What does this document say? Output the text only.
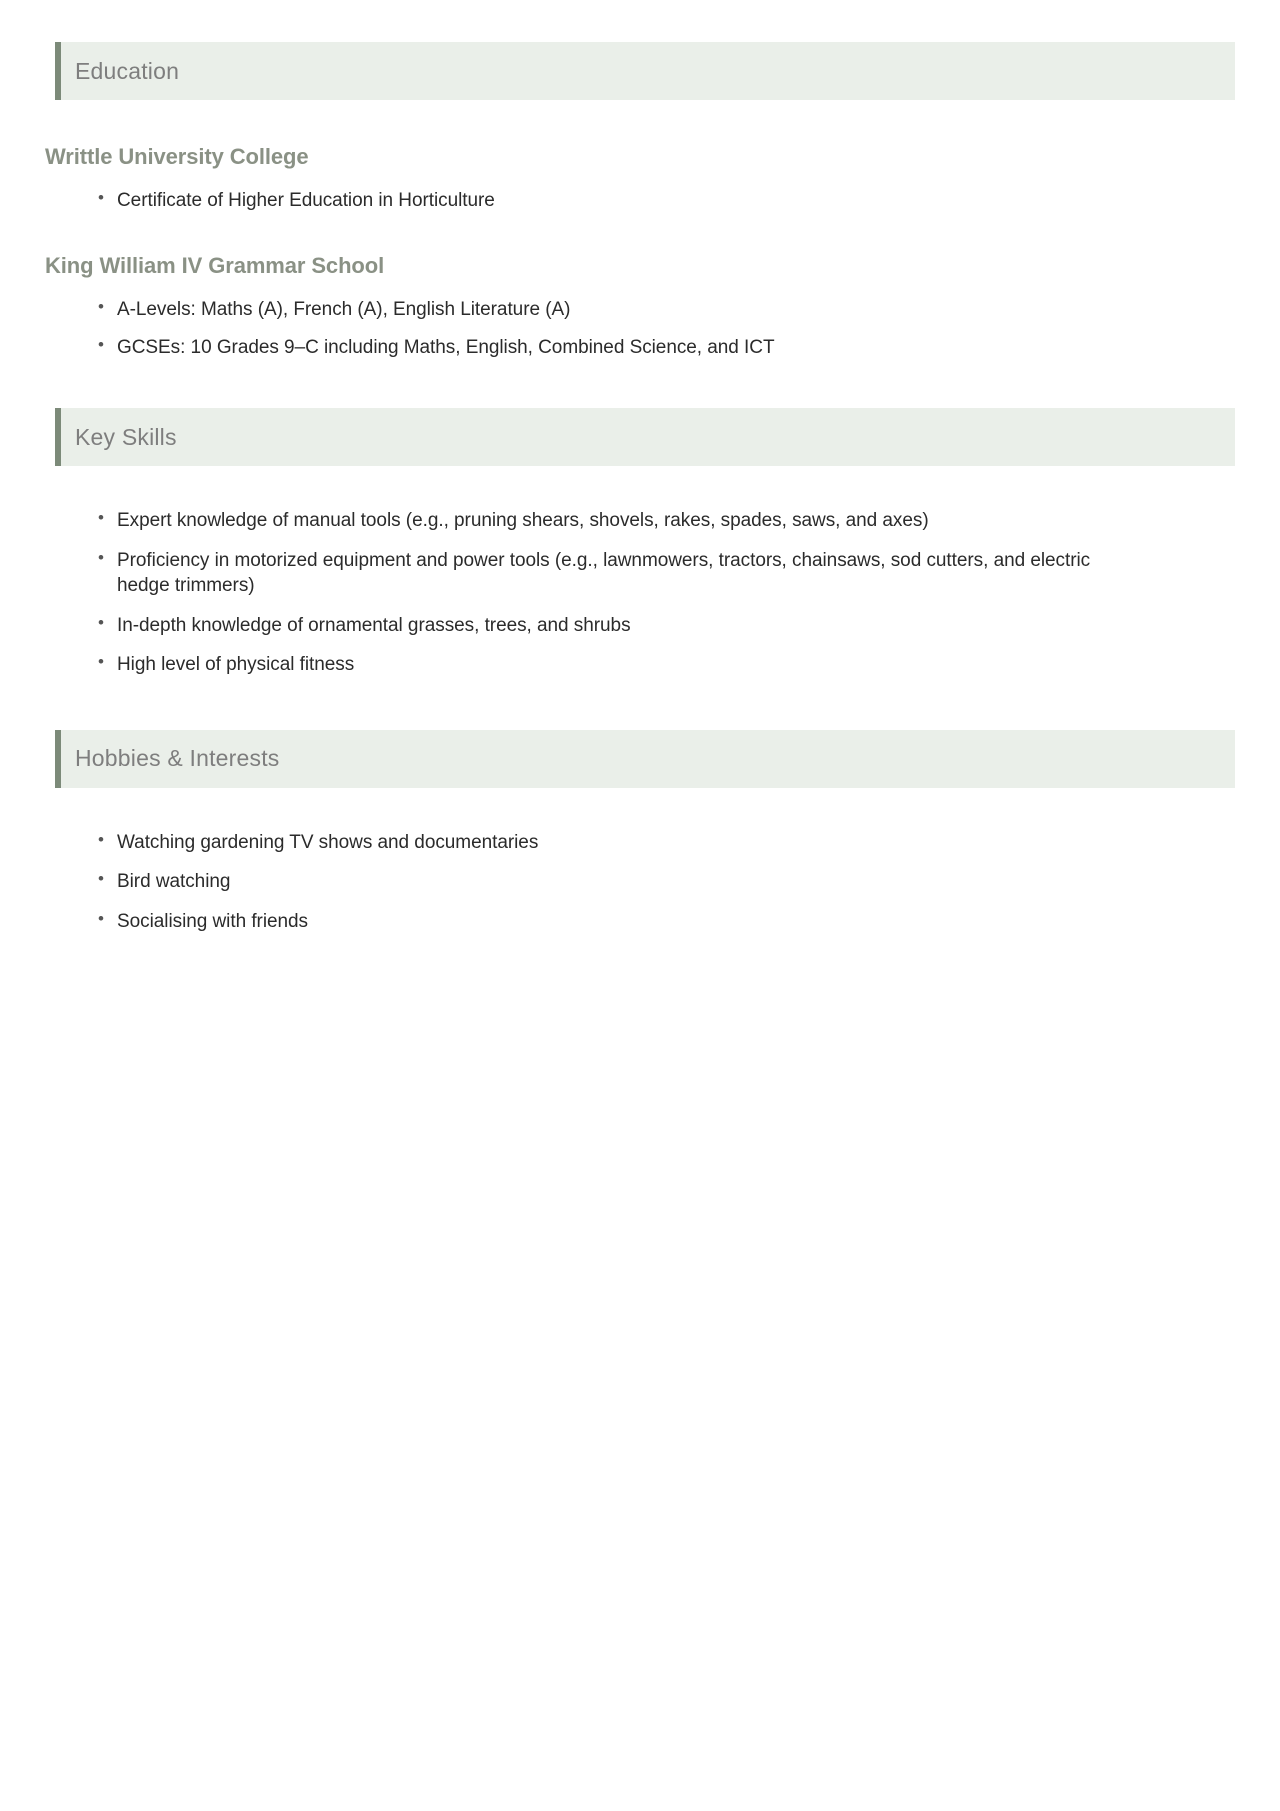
Education
Writtle University College
• Certificate of Higher Education in Horticulture
King William IV Grammar School
• A-Levels: Maths (A), French (A), English Literature (A)
• GCSEs: 10 Grades 9–C including Maths, English, Combined Science, and ICT
Key Skills
• Expert knowledge of manual tools (e.g., pruning shears, shovels, rakes, spades, saws, and axes)
• Proficiency in motorized equipment and power tools (e.g., lawnmowers, tractors, chainsaws, sod cutters, and electric hedge trimmers)
• In-depth knowledge of ornamental grasses, trees, and shrubs
• High level of physical fitness
Hobbies & Interests
• Watching gardening TV shows and documentaries
• Bird watching
• Socialising with friends
